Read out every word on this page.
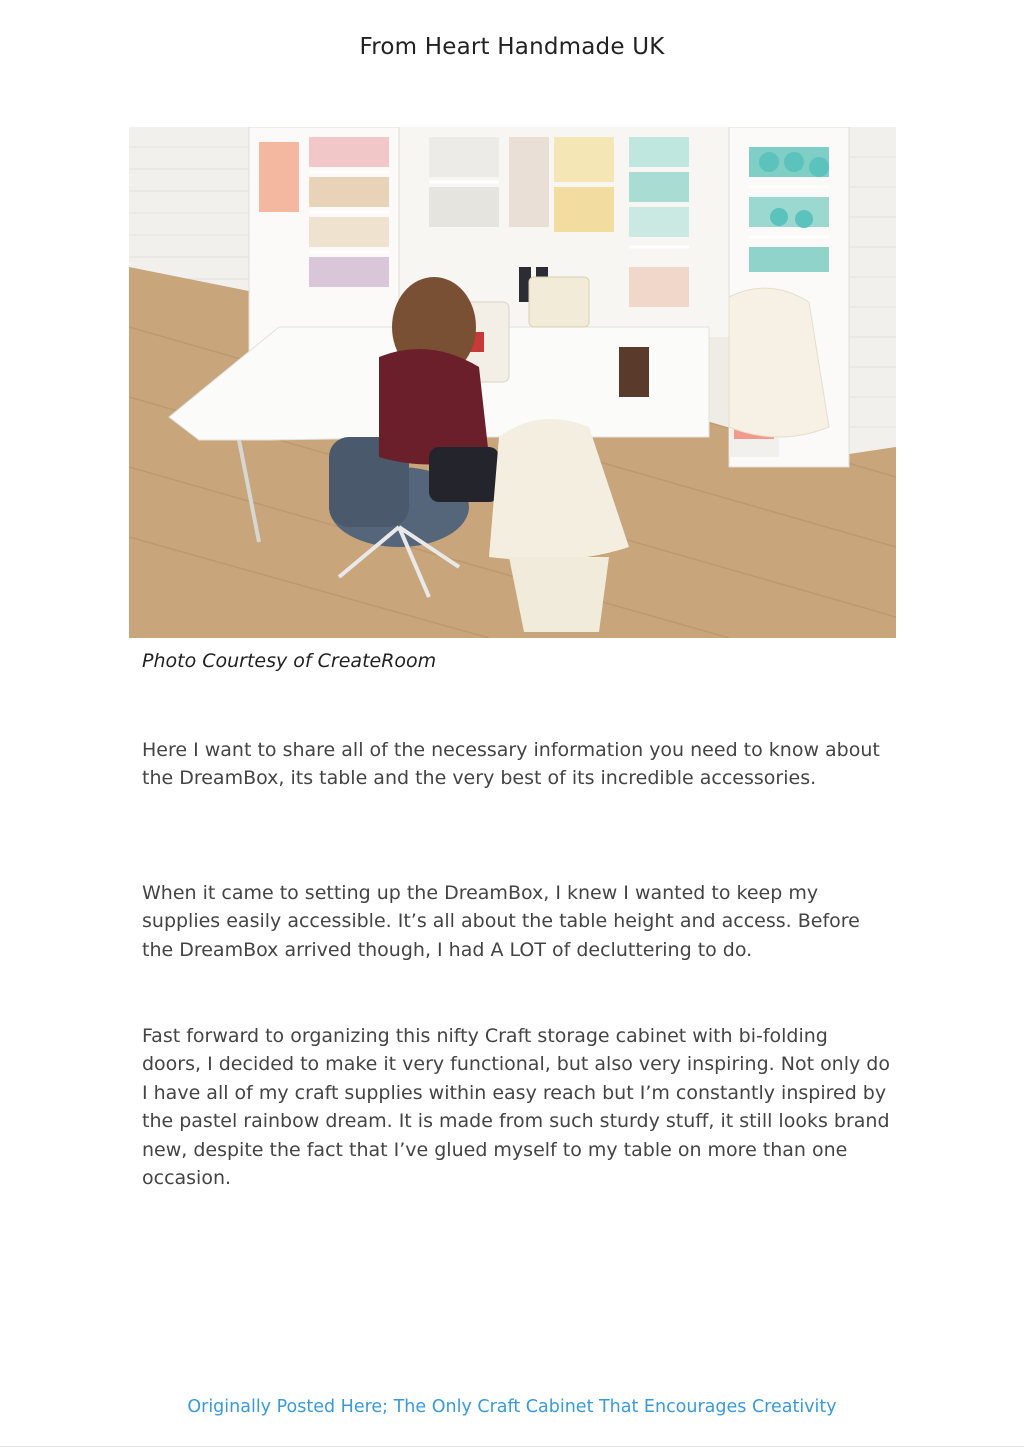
From Heart Handmade UK
Photo Courtesy of CreateRoom

Here I want to share all of the necessary information you need to know about the DreamBox, its table and the very best of its incredible accessories.

When it came to setting up the DreamBox, I knew I wanted to keep my supplies easily accessible. It’s all about the table height and access. Before the DreamBox arrived though, I had A LOT of decluttering to do.

Fast forward to organizing this nifty Craft storage cabinet with bi-folding doors, I decided to make it very functional, but also very inspiring. Not only do I have all of my craft supplies within easy reach but I’m constantly inspired by the pastel rainbow dream. It is made from such sturdy stuff, it still looks brand new, despite the fact that I’ve glued myself to my table on more than one occasion.

Originally Posted Here; The Only Craft Cabinet That Encourages Creativity
